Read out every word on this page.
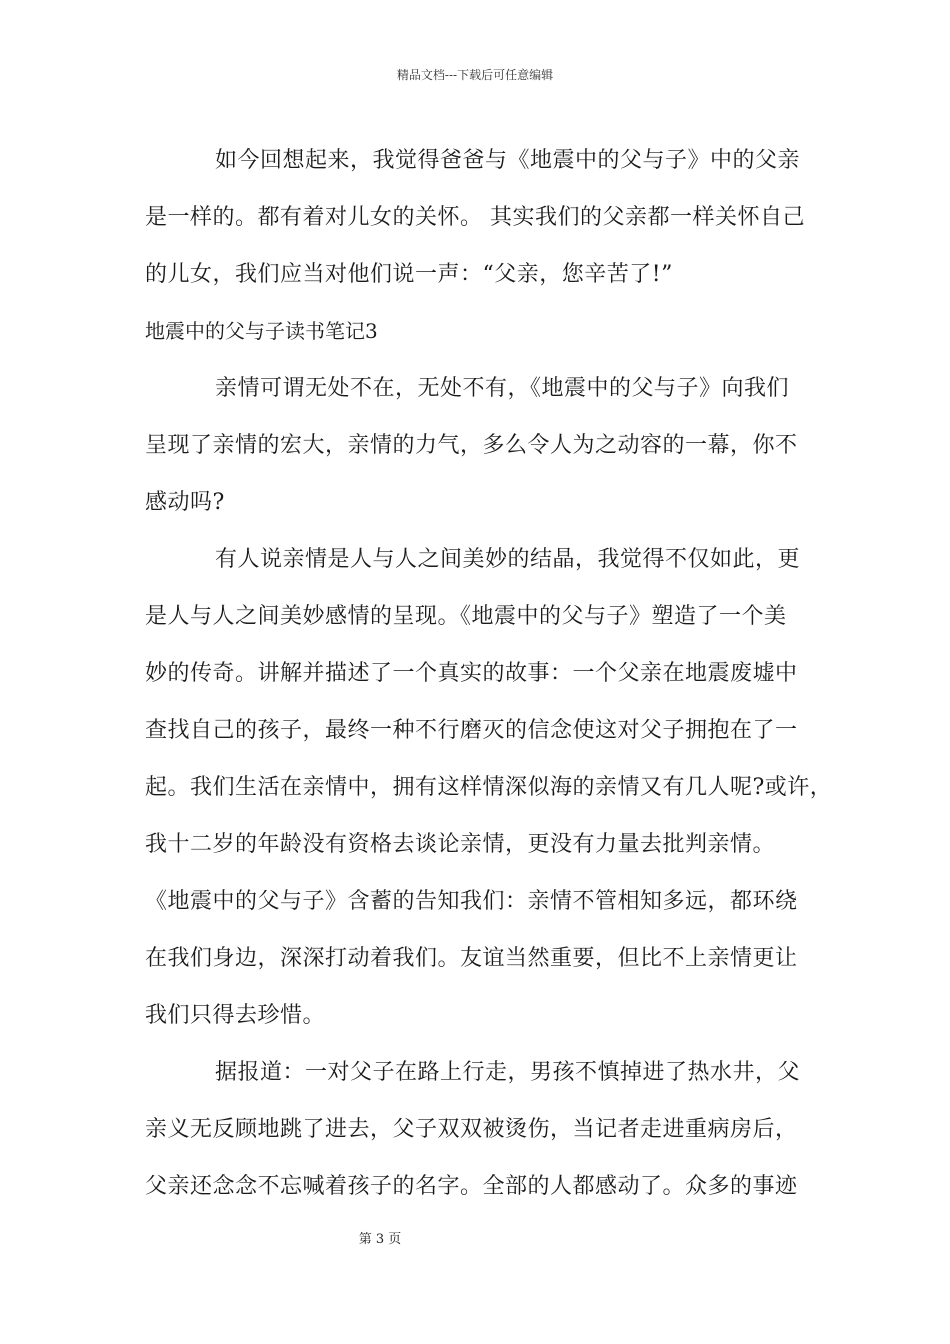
精品文档---下载后可任意编辑
如今回想起来，我觉得爸爸与《地震中的父与子》中的父亲
是一样的。都有着对儿女的关怀。 其实我们的父亲都一样关怀自己
的儿女，我们应当对他们说一声：“父亲，您辛苦了!”
地震中的父与子读书笔记3
亲情可谓无处不在，无处不有，《地震中的父与子》向我们
呈现了亲情的宏大，亲情的力气，多么令人为之动容的一幕，你不
感动吗?
有人说亲情是人与人之间美妙的结晶，我觉得不仅如此，更
是人与人之间美妙感情的呈现。《地震中的父与子》塑造了一个美
妙的传奇。讲解并描述了一个真实的故事：一个父亲在地震废墟中
查找自己的孩子，最终一种不行磨灭的信念使这对父子拥抱在了一
起。我们生活在亲情中，拥有这样情深似海的亲情又有几人呢?或许，
我十二岁的年龄没有资格去谈论亲情，更没有力量去批判亲情。
《地震中的父与子》含蓄的告知我们：亲情不管相知多远，都环绕
在我们身边，深深打动着我们。友谊当然重要，但比不上亲情更让
我们只得去珍惜。
据报道：一对父子在路上行走，男孩不慎掉进了热水井，父
亲义无反顾地跳了进去，父子双双被烫伤，当记者走进重病房后，
父亲还念念不忘喊着孩子的名字。全部的人都感动了。众多的事迹
第 3 页
